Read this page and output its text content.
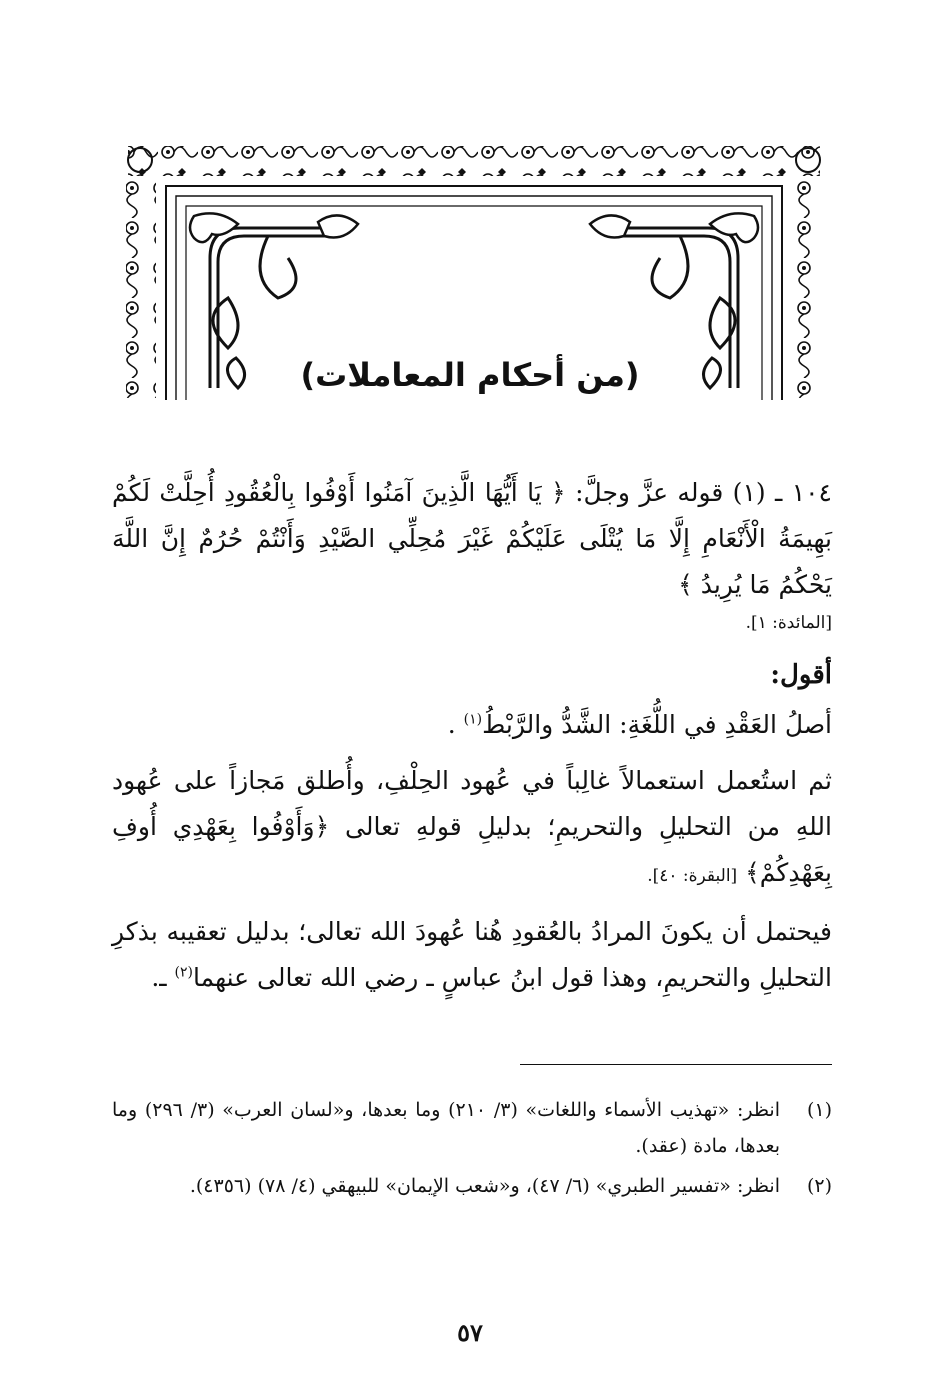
(من أحكام المعاملات)

١٠٤ ـ (١) قوله عزَّ وجلَّ: ﴿ يَا أَيُّهَا الَّذِينَ آمَنُوا أَوْفُوا بِالْعُقُودِ أُحِلَّتْ لَكُمْ بَهِيمَةُ الْأَنْعَامِ إِلَّا مَا يُتْلَى عَلَيْكُمْ غَيْرَ مُحِلِّي الصَّيْدِ وَأَنْتُمْ حُرُمٌ إِنَّ اللَّهَ يَحْكُمُ مَا يُرِيدُ ﴾

[المائدة: ١].

أقول:

أصلُ العَقْدِ في اللُّغَةِ: الشَّدُّ والرَّبْطُ$^{(١)}$ .

ثم استُعمل استعمالاً غالِباً في عُهود الحِلْفِ، وأُطلق مَجازاً على عُهود اللهِ من التحليلِ والتحريمِ؛ بدليلِ قولهِ تعالى ﴿وَأَوْفُوا بِعَهْدِي أُوفِ بِعَهْدِكُمْ﴾ [البقرة: ٤٠].

فيحتمل أن يكونَ المرادُ بالعُقودِ هُنا عُهودَ الله تعالى؛ بدليل تعقيبه بذكرِ التحليلِ والتحريمِ، وهذا قول ابنُ عباسٍ ـ رضي الله تعالى عنهما$^{(٢)}$ ـ.

(١)
انظر: «تهذيب الأسماء واللغات» (٣/ ٢١٠) وما بعدها، و«لسان العرب» (٣/ ٢٩٦) وما بعدها، مادة (عقد).
(٢)
انظر: «تفسير الطبري» (٦/ ٤٧)، و«شعب الإيمان» للبيهقي (٤/ ٧٨) (٤٣٥٦).
٥٧
